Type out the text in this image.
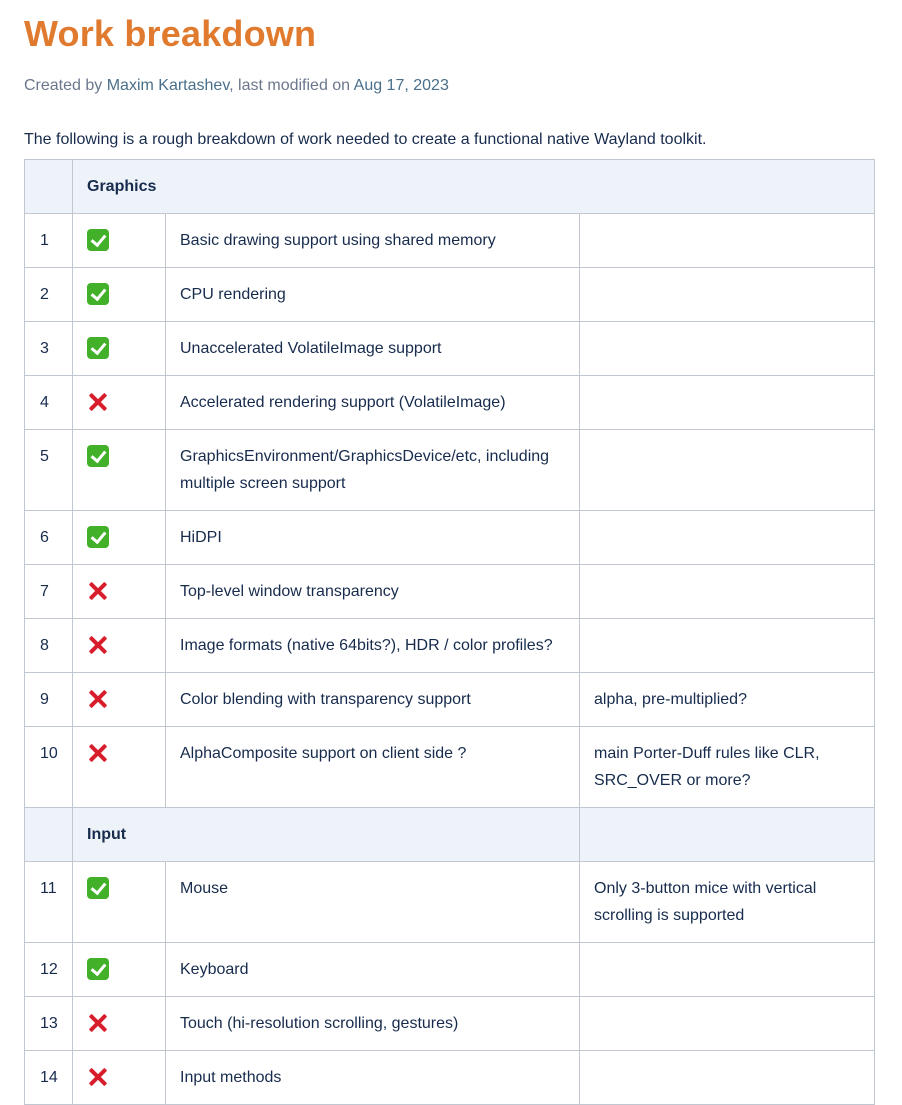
Work breakdown
Created by Maxim Kartashev, last modified on Aug 17, 2023

The following is a rough breakdown of work needed to create a functional native Wayland toolkit.

	Graphics		
1		Basic drawing support using shared memory	
2		CPU rendering	
3		Unaccelerated VolatileImage support	
4		Accelerated rendering support (VolatileImage)	
5		GraphicsEnvironment/GraphicsDevice/etc, including multiple screen support	
6		HiDPI	
7		Top-level window transparency	
8		Image formats (native 64bits?), HDR / color profiles?	
9		Color blending with transparency support	alpha, pre-multiplied?
10		AlphaComposite support on client side ?	main Porter-Duff rules like CLR, SRC_OVER or more?
	Input		
11		Mouse	Only 3-button mice with vertical scrolling is supported
12		Keyboard	
13		Touch (hi-resolution scrolling, gestures)	
14		Input methods	
